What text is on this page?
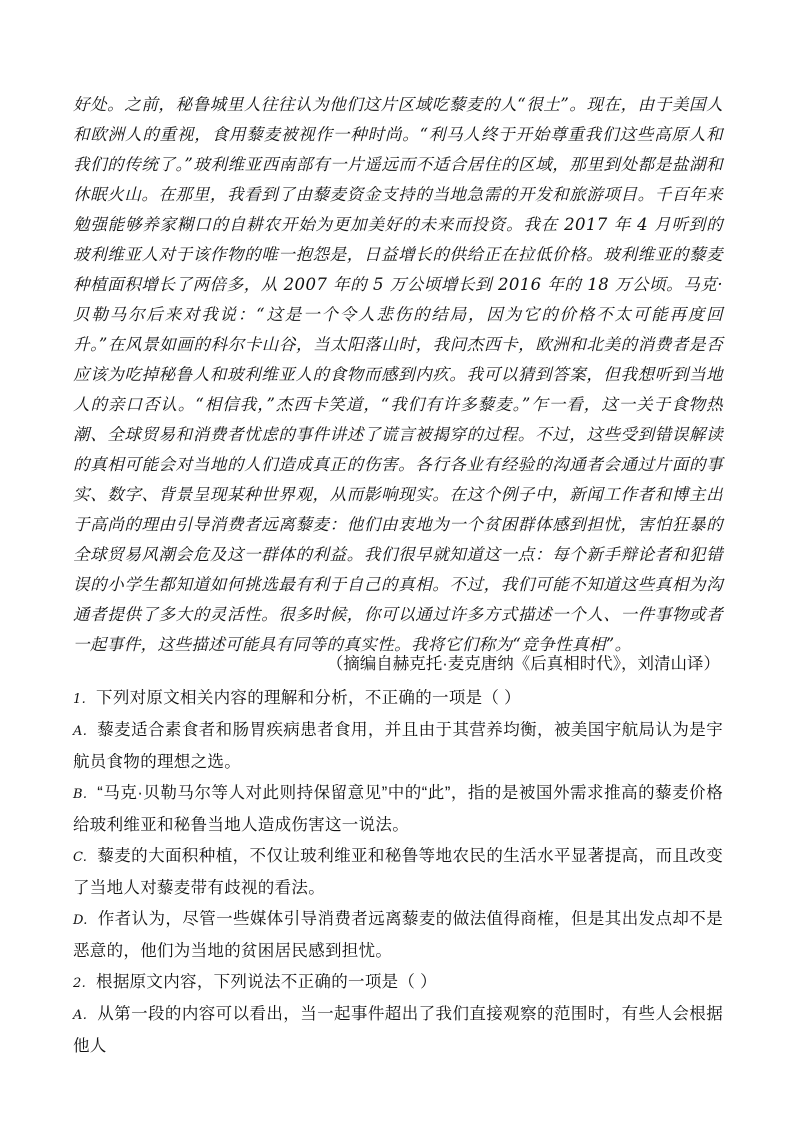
好处。之前，秘鲁城里人往往认为他们这片区域吃藜麦的人“很土”。现在，由于美国人和欧洲人的重视，食用藜麦被视作一种时尚。“利马人终于开始尊重我们这些高原人和我们的传统了。”玻利维亚西南部有一片遥远而不适合居住的区域，那里到处都是盐湖和休眠火山。在那里，我看到了由藜麦资金支持的当地急需的开发和旅游项目。千百年来勉强能够养家糊口的自耕农开始为更加美好的未来而投资。我在 2017 年 4 月听到的玻利维亚人对于该作物的唯一抱怨是，日益增长的供给正在拉低价格。玻利维亚的藜麦种植面积增长了两倍多，从 2007 年的 5 万公顷增长到 2016 年的 18 万公顷。马克·贝勒马尔后来对我说：“这是一个令人悲伤的结局，因为它的价格不太可能再度回升。”在风景如画的科尔卡山谷，当太阳落山时，我问杰西卡，欧洲和北美的消费者是否应该为吃掉秘鲁人和玻利维亚人的食物而感到内疚。我可以猜到答案，但我想听到当地人的亲口否认。“相信我，”杰西卡笑道，“我们有许多藜麦。”乍一看，这一关于食物热潮、全球贸易和消费者忧虑的事件讲述了谎言被揭穿的过程。不过，这些受到错误解读的真相可能会对当地的人们造成真正的伤害。各行各业有经验的沟通者会通过片面的事实、数字、背景呈现某种世界观，从而影响现实。在这个例子中，新闻工作者和博主出于高尚的理由引导消费者远离藜麦：他们由衷地为一个贫困群体感到担忧，害怕狂暴的全球贸易风潮会危及这一群体的利益。我们很早就知道这一点：每个新手辩论者和犯错误的小学生都知道如何挑选最有利于自己的真相。不过，我们可能不知道这些真相为沟通者提供了多大的灵活性。很多时候，你可以通过许多方式描述一个人、一件事物或者一起事件，这些描述可能具有同等的真实性。我将它们称为“竞争性真相”。

（摘编自赫克托·麦克唐纳《后真相时代》，刘清山译）

1. 下列对原文相关内容的理解和分析，不正确的一项是（ ）

A. 藜麦适合素食者和肠胃疾病患者食用，并且由于其营养均衡，被美国宇航局认为是宇航员食物的理想之选。

B. “马克·贝勒马尔等人对此则持保留意见”中的“此”，指的是被国外需求推高的藜麦价格给玻利维亚和秘鲁当地人造成伤害这一说法。

C. 藜麦的大面积种植，不仅让玻利维亚和秘鲁等地农民的生活水平显著提高，而且改变了当地人对藜麦带有歧视的看法。

D. 作者认为，尽管一些媒体引导消费者远离藜麦的做法值得商榷，但是其出发点却不是恶意的，他们为当地的贫困居民感到担忧。

2. 根据原文内容，下列说法不正确的一项是（ ）

A. 从第一段的内容可以看出，当一起事件超出了我们直接观察的范围时，有些人会根据他人
